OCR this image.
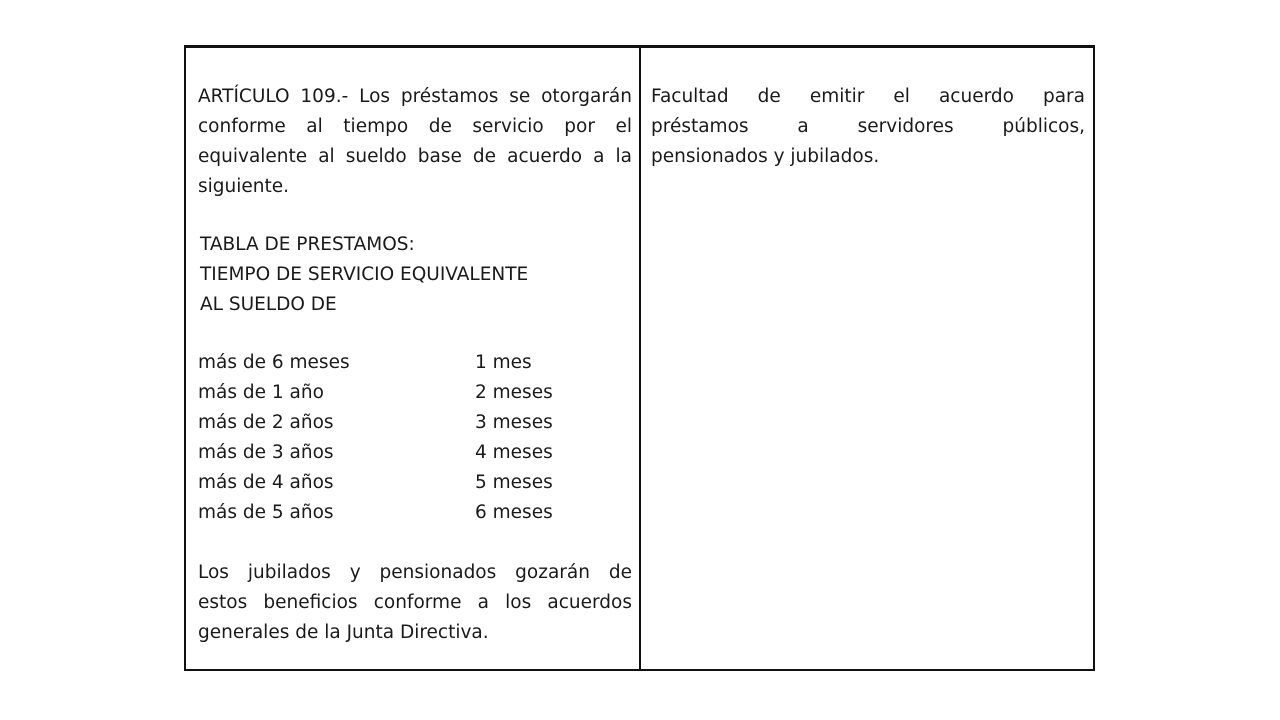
ARTÍCULO 109.- Los préstamos se otorgarán
conforme al tiempo de servicio por el
equivalente al sueldo base de acuerdo a la
siguiente.
TABLA DE PRESTAMOS:
TIEMPO DE SERVICIO EQUIVALENTE
AL SUELDO DE
más de 6 meses	1 mes
más de 1 año	2 meses
más de 2 años	3 meses
más de 3 años	4 meses
más de 4 años	5 meses
más de 5 años	6 meses
Los jubilados y pensionados gozarán de
estos beneficios conforme a los acuerdos
generales de la Junta Directiva.
Facultad de emitir el acuerdo para
préstamos a servidores públicos,
pensionados y jubilados.
